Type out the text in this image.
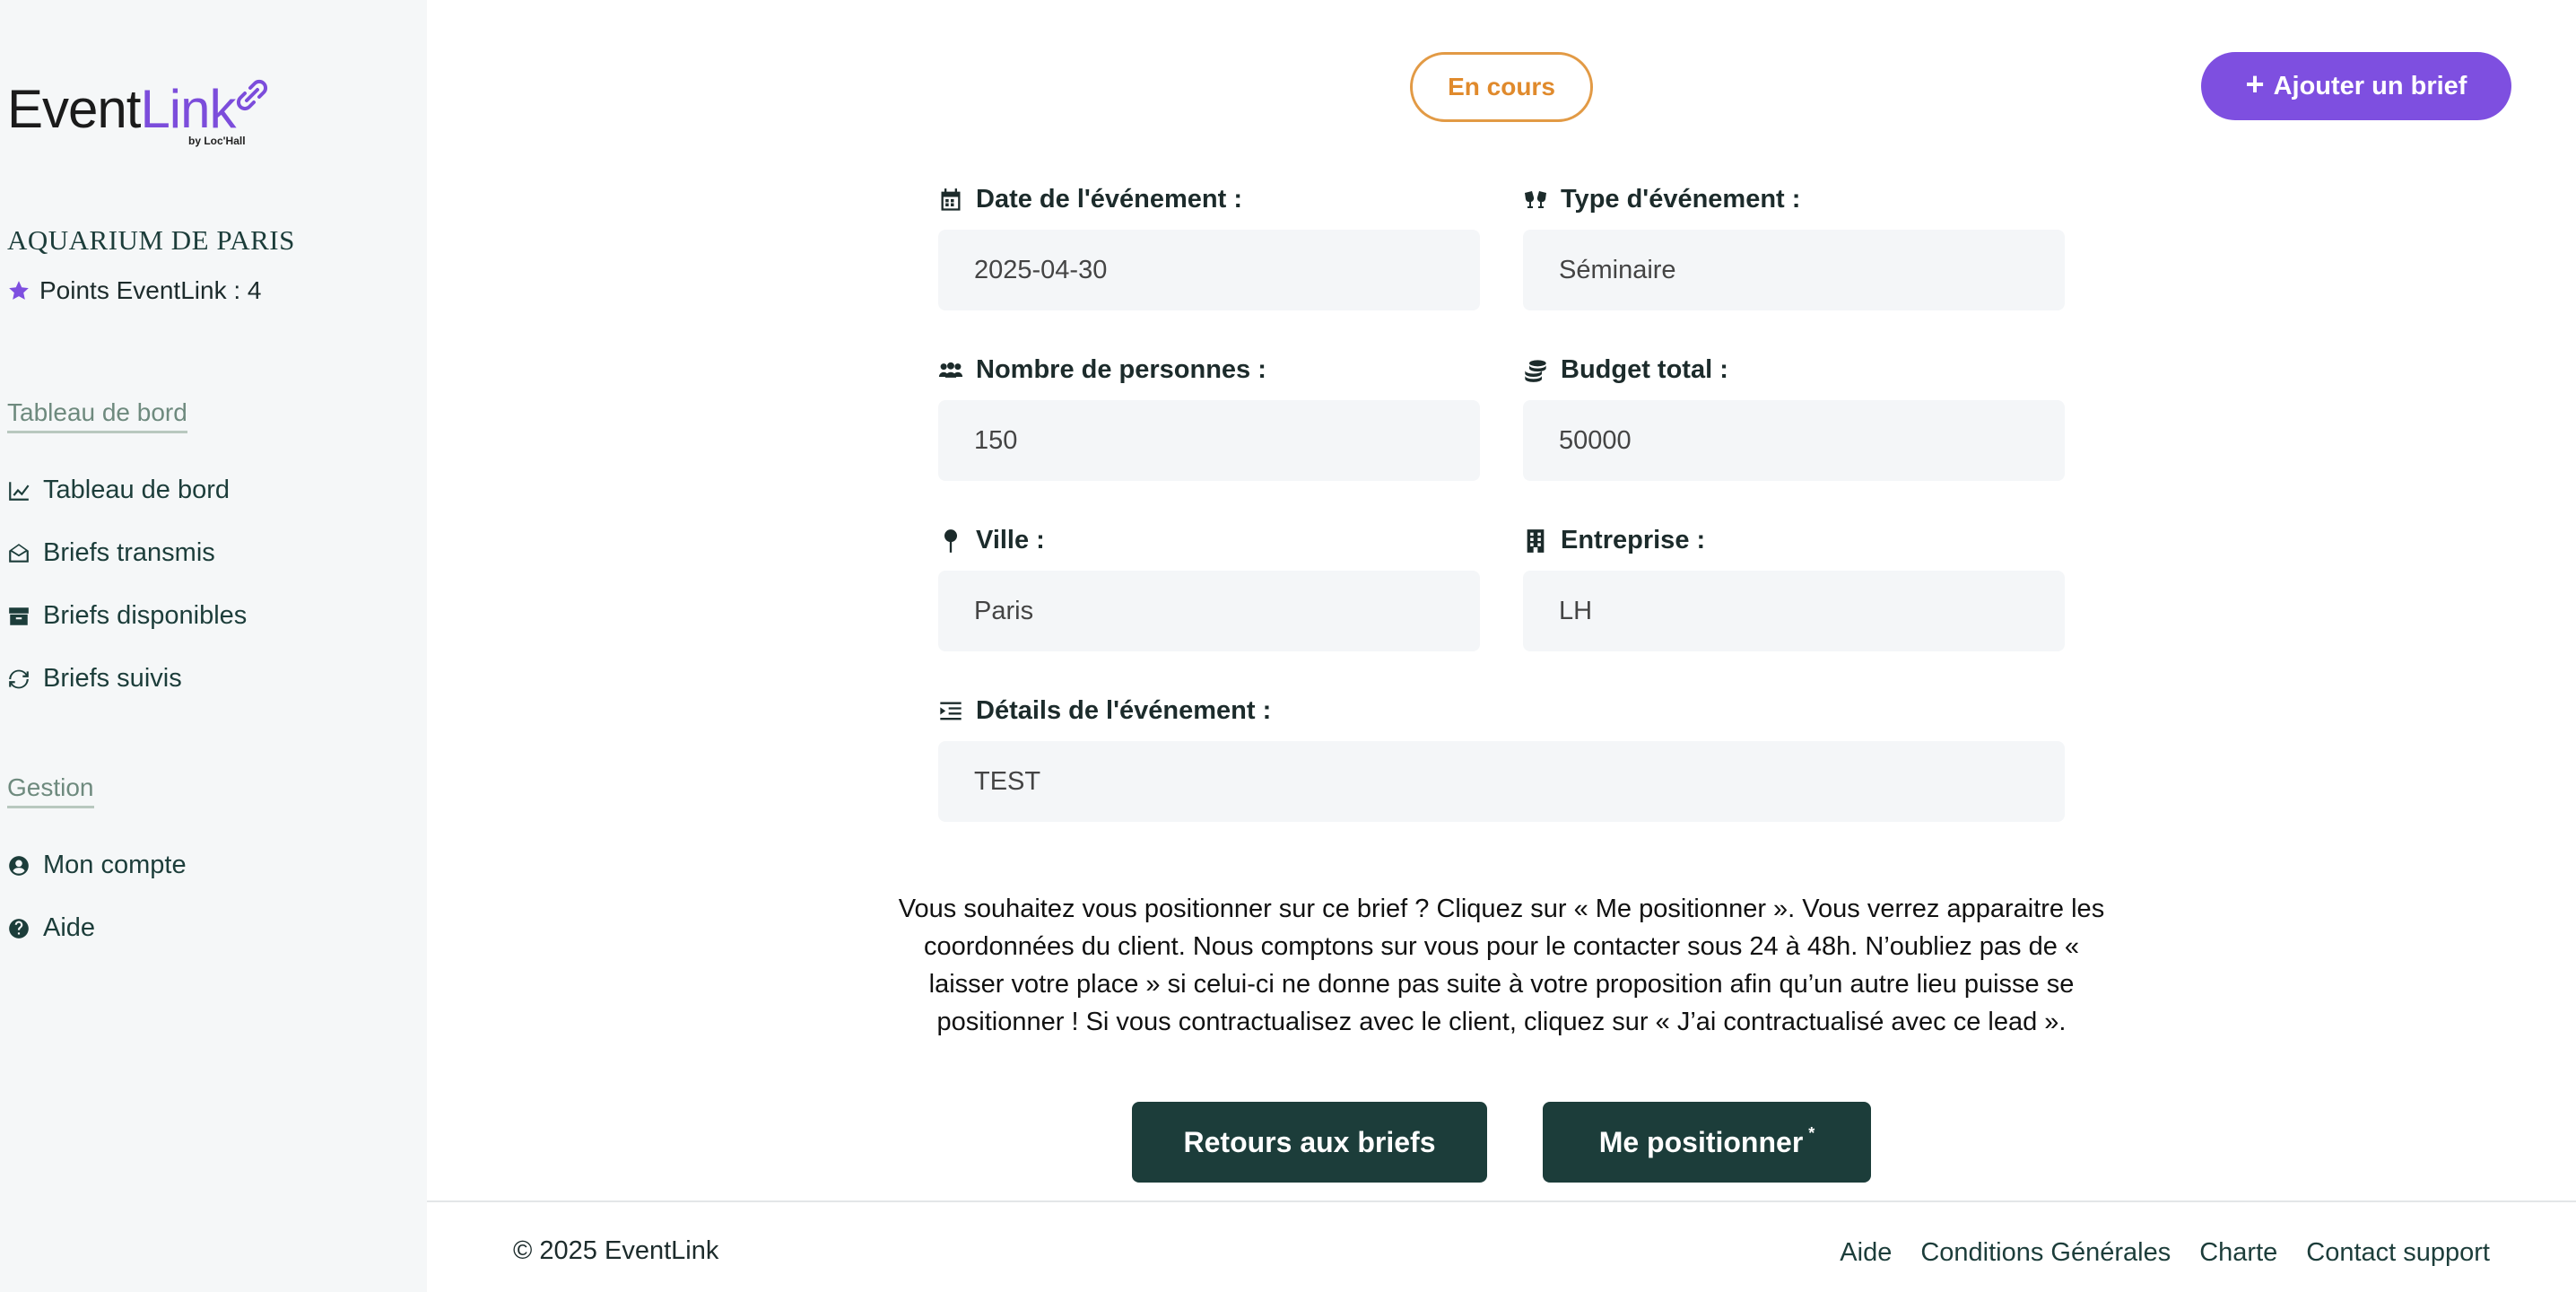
EventLink
by Loc'Hall
AQUARIUM DE PARIS
Points EventLink : 4
Tableau de bord
Tableau de bord
Briefs transmis
Briefs disponibles
Briefs suivis
Gestion
Mon compte
Aide
En cours	+ Ajouter un brief
Date de l'événement :
2025-04-30
Type d'événement :
Séminaire
Nombre de personnes :
150
Budget total :
50000
Ville :
Paris
Entreprise :
LH
Détails de l'événement :
TEST

Vous souhaitez vous positionner sur ce brief ? Cliquez sur « Me positionner ». Vous verrez apparaitre les coordonnées du client. Nous comptons sur vous pour le contacter sous 24 à 48h. N’oubliez pas de « laisser votre place » si celui-ci ne donne pas suite à votre proposition afin qu’un autre lieu puisse se positionner ! Si vous contractualisez avec le client, cliquez sur « J’ai contractualisé avec ce lead ».

Retours aux briefs	Me positionner *
© 2025 EventLink	Aide Conditions Générales Charte Contact support
